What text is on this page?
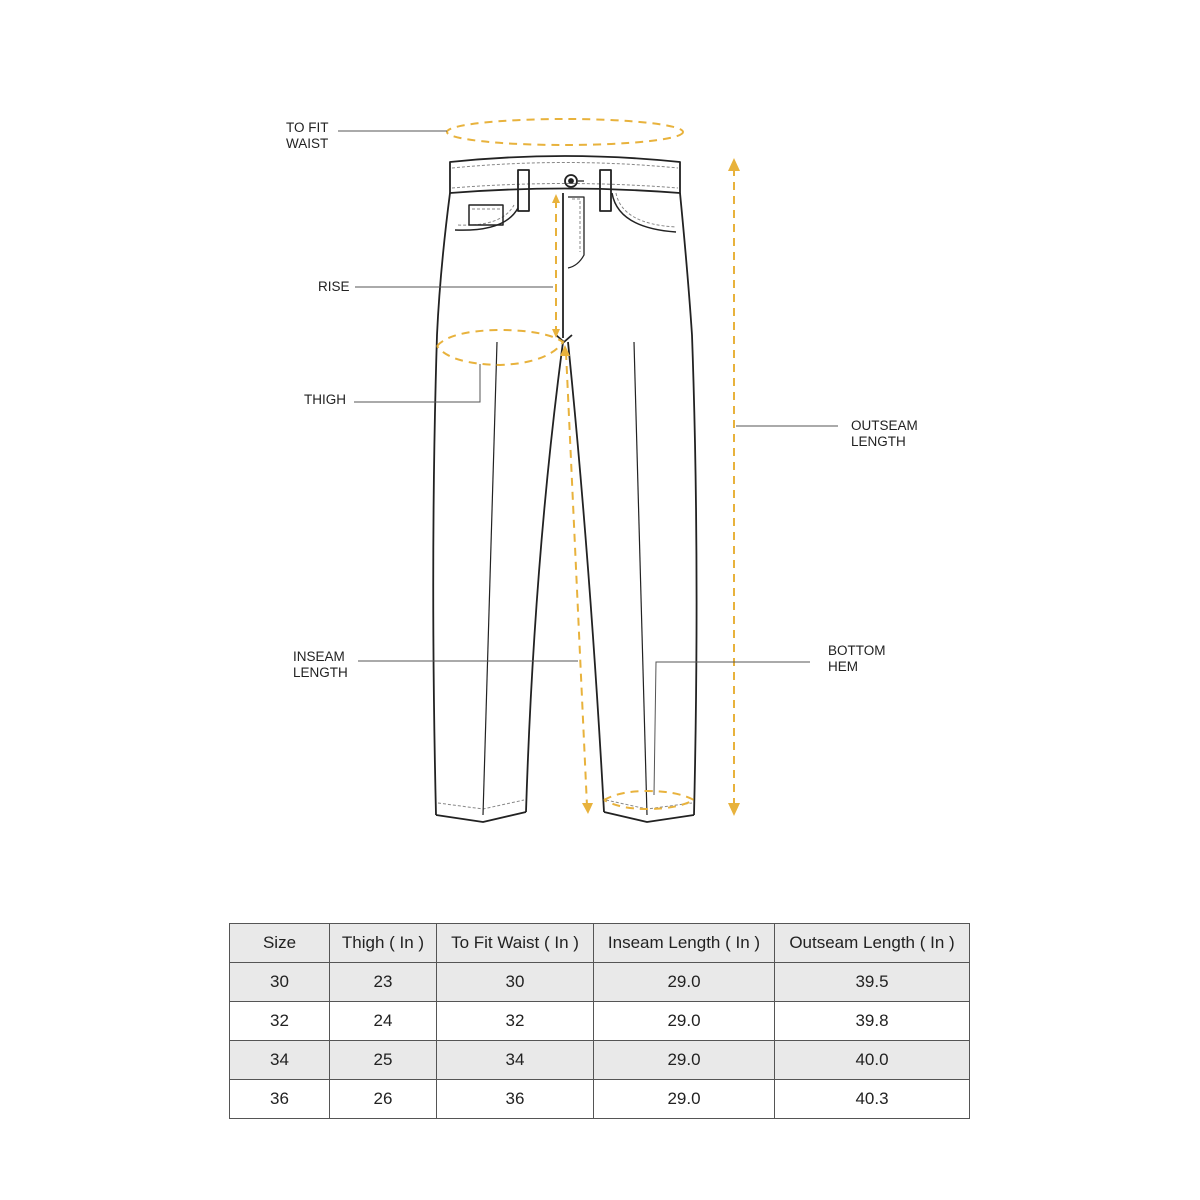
TO FIT WAIST
RISE
THIGH
OUTSEAM LENGTH
INSEAM LENGTH
BOTTOM HEM
Size	Thigh ( In )	To Fit Waist ( In )	Inseam Length ( In )	Outseam Length ( In )
30	23	30	29.0	39.5
32	24	32	29.0	39.8
34	25	34	29.0	40.0
36	26	36	29.0	40.3
